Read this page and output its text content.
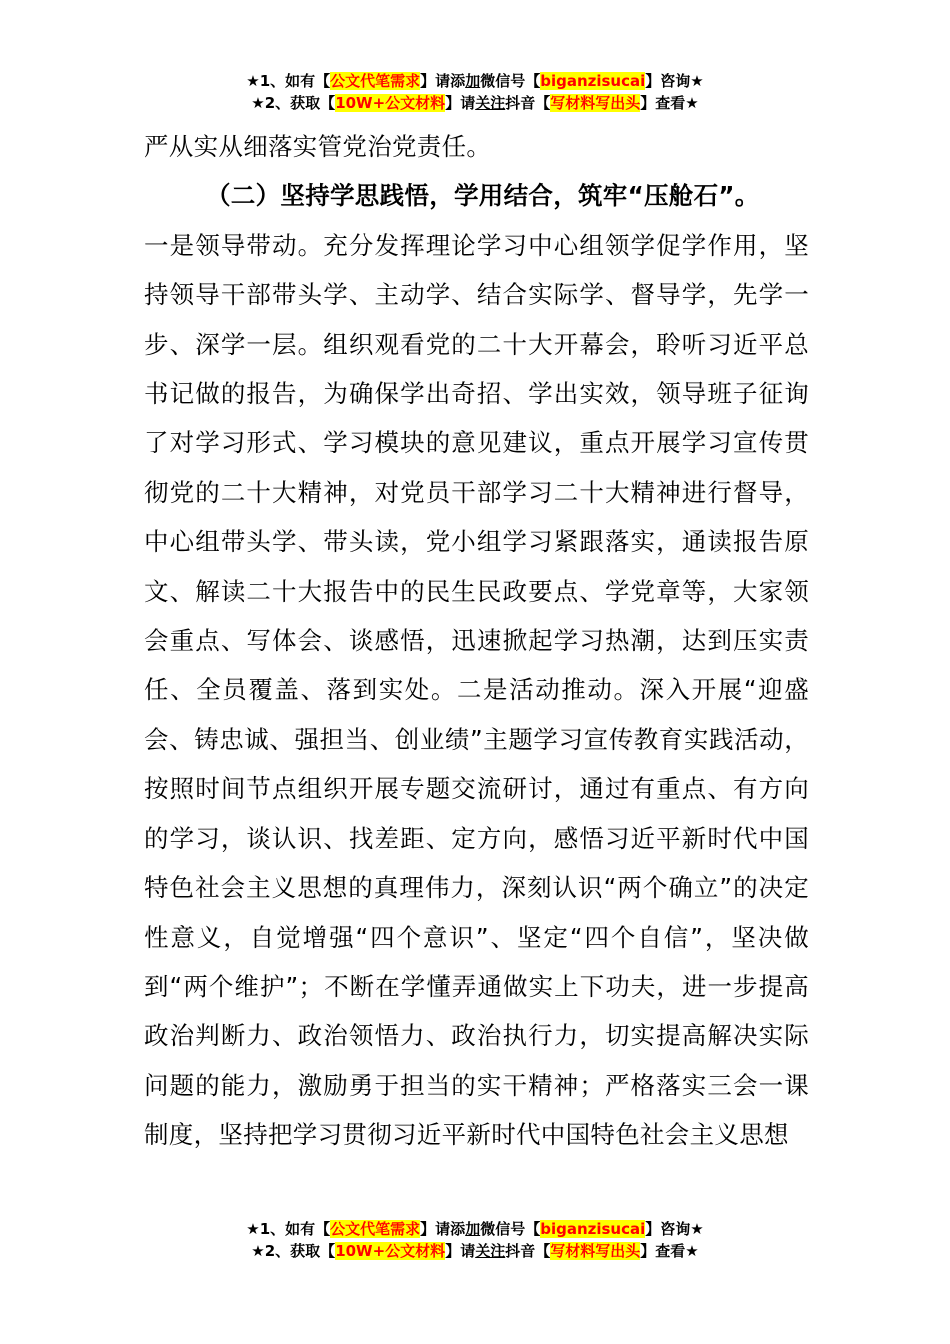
★1、如有【公文代笔需求】请添加微信号【biganzisucai】咨询★
★2、获取【10W+公文材料】请关注抖音【写材料写出头】查看★

严从实从细落实管党治党责任。

（二）坚持学思践悟，学用结合，筑牢“压舱石”。

一是领导带动。充分发挥理论学习中心组领学促学作用，坚持领导干部带头学、主动学、结合实际学、督导学，先学一步、深学一层。组织观看党的二十大开幕会，聆听习近平总书记做的报告，为确保学出奇招、学出实效，领导班子征询了对学习形式、学习模块的意见建议，重点开展学习宣传贯彻党的二十大精神，对党员干部学习二十大精神进行督导，中心组带头学、带头读，党小组学习紧跟落实，通读报告原文、解读二十大报告中的民生民政要点、学党章等，大家领会重点、写体会、谈感悟，迅速掀起学习热潮，达到压实责任、全员覆盖、落到实处。二是活动推动。深入开展“迎盛会、铸忠诚、强担当、创业绩”主题学习宣传教育实践活动，按照时间节点组织开展专题交流研讨，通过有重点、有方向的学习，谈认识、找差距、定方向，感悟习近平新时代中国特色社会主义思想的真理伟力，深刻认识“两个确立”的决定性意义，自觉增强“四个意识”、坚定“四个自信”，坚决做到“两个维护”；不断在学懂弄通做实上下功夫，进一步提高政治判断力、政治领悟力、政治执行力，切实提高解决实际问题的能力，激励勇于担当的实干精神；严格落实三会一课制度，坚持把学习贯彻习近平新时代中国特色社会主义思想

★1、如有【公文代笔需求】请添加微信号【biganzisucai】咨询★
★2、获取【10W+公文材料】请关注抖音【写材料写出头】查看★
